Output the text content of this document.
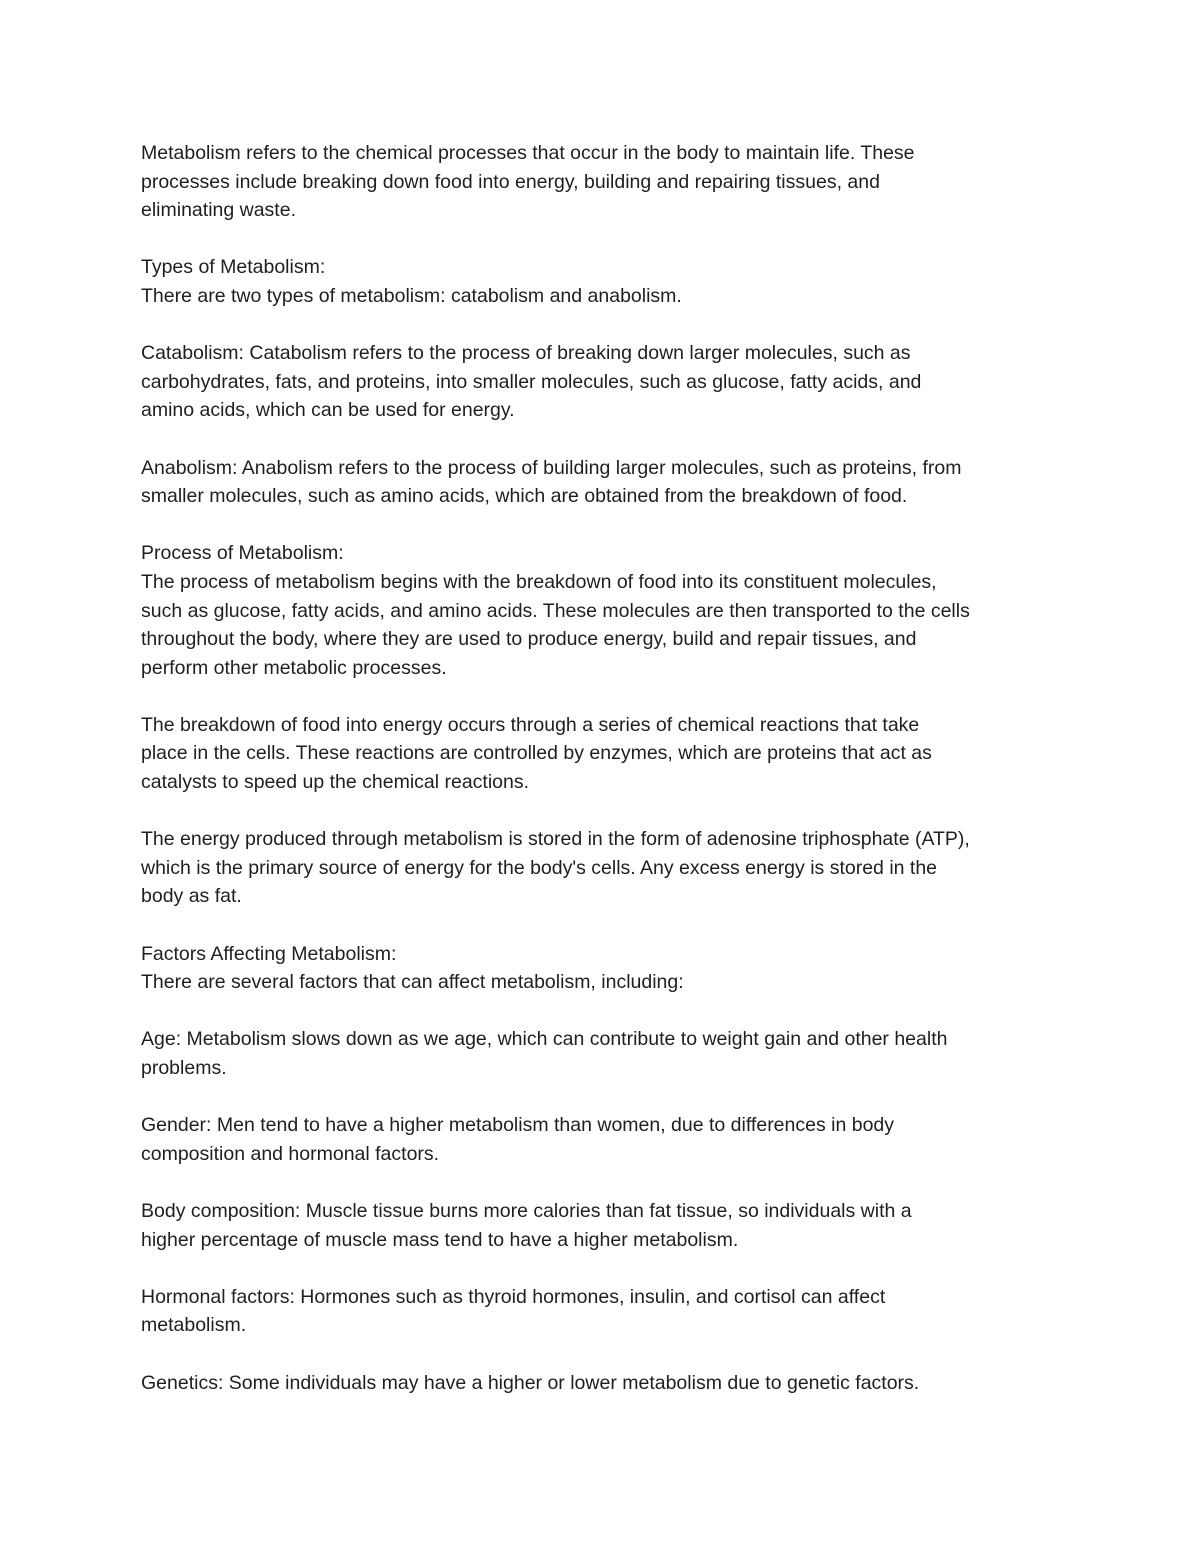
Metabolism refers to the chemical processes that occur in the body to maintain life. These
processes include breaking down food into energy, building and repairing tissues, and
eliminating waste.

Types of Metabolism:
There are two types of metabolism: catabolism and anabolism.

Catabolism: Catabolism refers to the process of breaking down larger molecules, such as
carbohydrates, fats, and proteins, into smaller molecules, such as glucose, fatty acids, and
amino acids, which can be used for energy.

Anabolism: Anabolism refers to the process of building larger molecules, such as proteins, from
smaller molecules, such as amino acids, which are obtained from the breakdown of food.

Process of Metabolism:
The process of metabolism begins with the breakdown of food into its constituent molecules,
such as glucose, fatty acids, and amino acids. These molecules are then transported to the cells
throughout the body, where they are used to produce energy, build and repair tissues, and
perform other metabolic processes.

The breakdown of food into energy occurs through a series of chemical reactions that take
place in the cells. These reactions are controlled by enzymes, which are proteins that act as
catalysts to speed up the chemical reactions.

The energy produced through metabolism is stored in the form of adenosine triphosphate (ATP),
which is the primary source of energy for the body's cells. Any excess energy is stored in the
body as fat.

Factors Affecting Metabolism:
There are several factors that can affect metabolism, including:

Age: Metabolism slows down as we age, which can contribute to weight gain and other health
problems.

Gender: Men tend to have a higher metabolism than women, due to differences in body
composition and hormonal factors.

Body composition: Muscle tissue burns more calories than fat tissue, so individuals with a
higher percentage of muscle mass tend to have a higher metabolism.

Hormonal factors: Hormones such as thyroid hormones, insulin, and cortisol can affect
metabolism.

Genetics: Some individuals may have a higher or lower metabolism due to genetic factors.
